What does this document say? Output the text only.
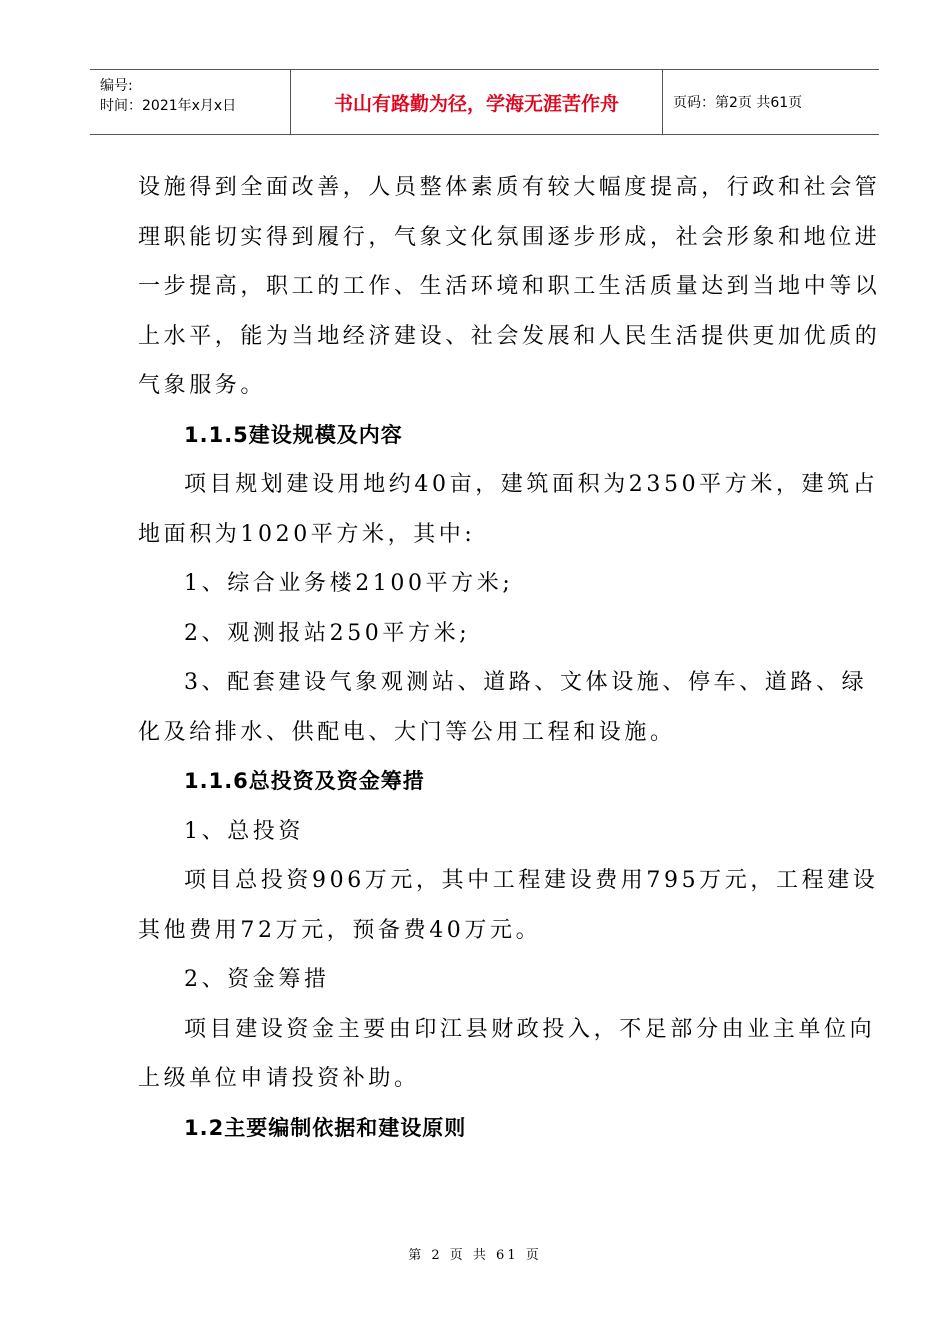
编号:
时间：2021年x月x日	书山有路勤为径，学海无涯苦作舟	页码：第2页 共61页

设施得到全面改善，人员整体素质有较大幅度提高，行政和社会管

理职能切实得到履行，气象文化氛围逐步形成，社会形象和地位进

一步提高，职工的工作、生活环境和职工生活质量达到当地中等以

上水平，能为当地经济建设、社会发展和人民生活提供更加优质的

气象服务。

1.1.5建设规模及内容

项目规划建设用地约40亩，建筑面积为2350平方米，建筑占

地面积为1020平方米，其中:

1、综合业务楼2100平方米;

2、观测报站250平方米;

3、配套建设气象观测站、道路、文体设施、停车、道路、绿

化及给排水、供配电、大门等公用工程和设施。

1.1.6总投资及资金筹措

1、总投资

项目总投资906万元，其中工程建设费用795万元，工程建设

其他费用72万元，预备费40万元。

2、资金筹措

项目建设资金主要由印江县财政投入，不足部分由业主单位向

上级单位申请投资补助。

1.2主要编制依据和建设原则

第 2 页 共 61 页
